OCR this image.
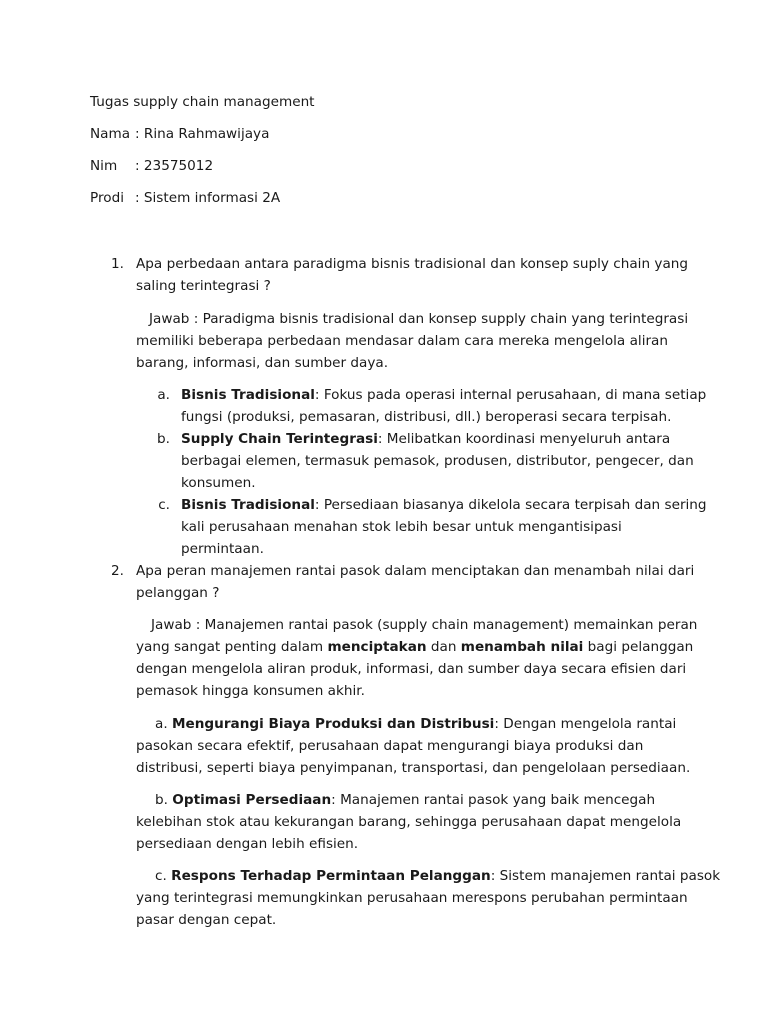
Tugas supply chain management
Nama : Rina Rahmawijaya
Nim : 23575012
Prodi : Sistem informasi 2A
1. Apa perbedaan antara paradigma bisnis tradisional dan konsep suply chain yang
saling terintegrasi ?
Jawab : Paradigma bisnis tradisional dan konsep supply chain yang terintegrasi
memiliki beberapa perbedaan mendasar dalam cara mereka mengelola aliran
barang, informasi, dan sumber daya.
a. Bisnis Tradisional: Fokus pada operasi internal perusahaan, di mana setiap
fungsi (produksi, pemasaran, distribusi, dll.) beroperasi secara terpisah.
b. Supply Chain Terintegrasi: Melibatkan koordinasi menyeluruh antara
berbagai elemen, termasuk pemasok, produsen, distributor, pengecer, dan
konsumen.
c. Bisnis Tradisional: Persediaan biasanya dikelola secara terpisah dan sering
kali perusahaan menahan stok lebih besar untuk mengantisipasi
permintaan.
2. Apa peran manajemen rantai pasok dalam menciptakan dan menambah nilai dari
pelanggan ?
Jawab : Manajemen rantai pasok (supply chain management) memainkan peran
yang sangat penting dalam menciptakan dan menambah nilai bagi pelanggan
dengan mengelola aliran produk, informasi, dan sumber daya secara efisien dari
pemasok hingga konsumen akhir.
a. Mengurangi Biaya Produksi dan Distribusi: Dengan mengelola rantai
pasokan secara efektif, perusahaan dapat mengurangi biaya produksi dan
distribusi, seperti biaya penyimpanan, transportasi, dan pengelolaan persediaan.
b. Optimasi Persediaan: Manajemen rantai pasok yang baik mencegah
kelebihan stok atau kekurangan barang, sehingga perusahaan dapat mengelola
persediaan dengan lebih efisien.
c. Respons Terhadap Permintaan Pelanggan: Sistem manajemen rantai pasok
yang terintegrasi memungkinkan perusahaan merespons perubahan permintaan
pasar dengan cepat.
